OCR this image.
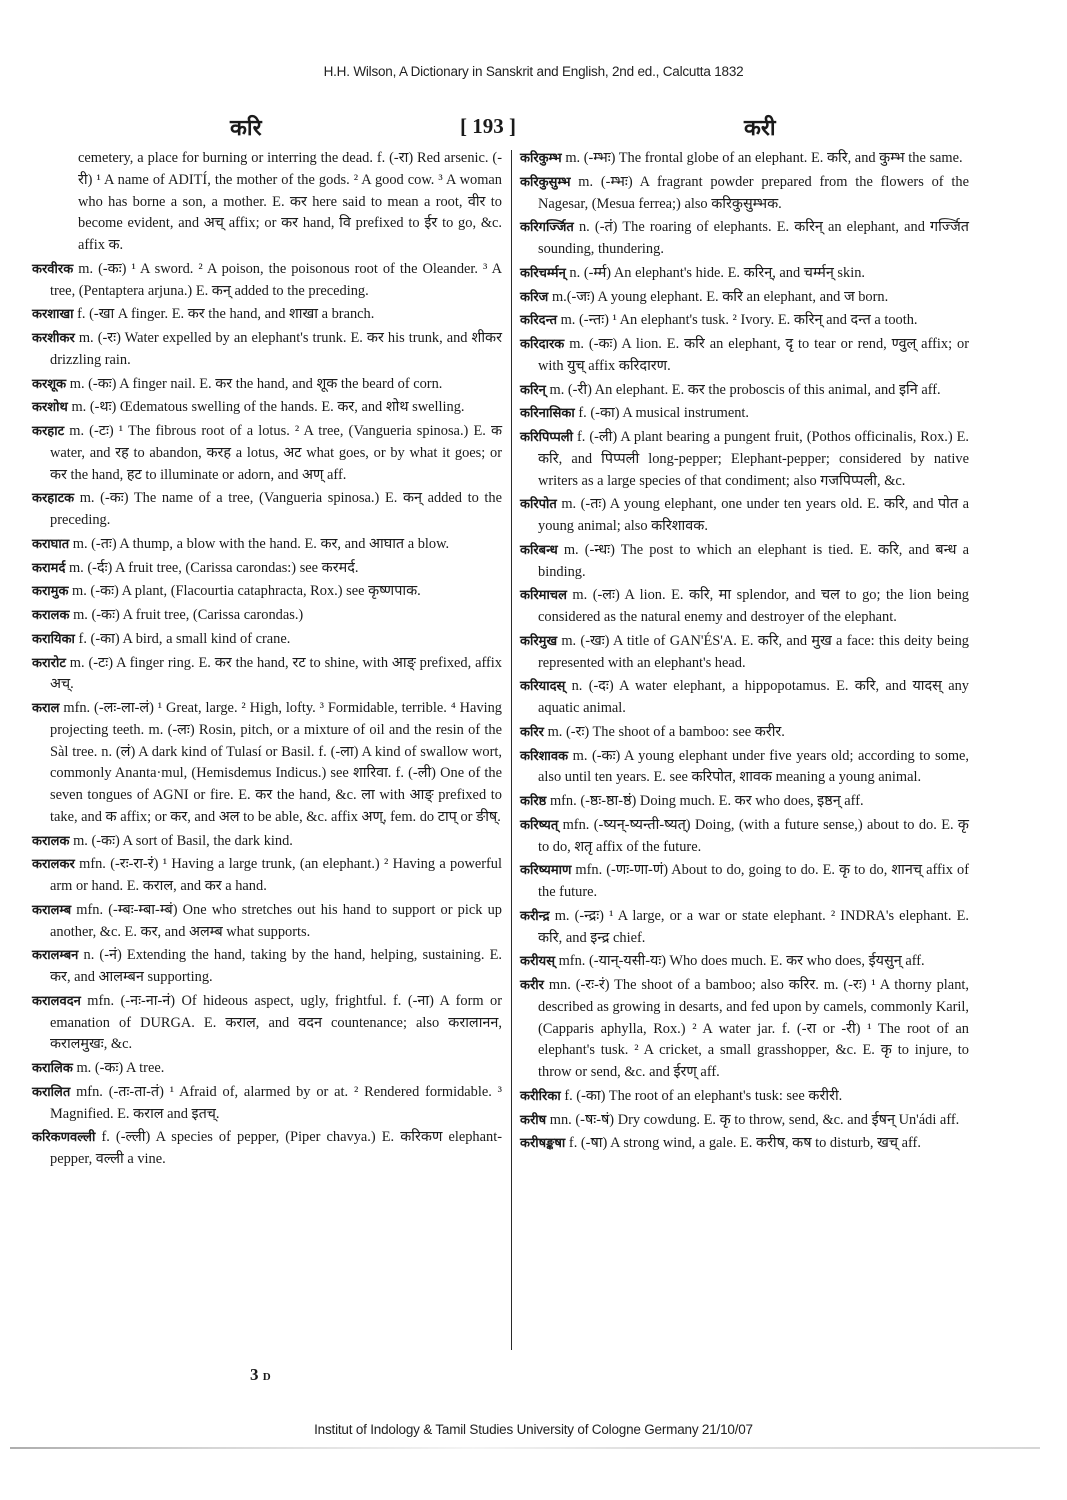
H.H. Wilson, A Dictionary in Sanskrit and English, 2nd ed., Calcutta 1832
करि	[ 193 ]	करी

cemetery, a place for burning or interring the dead. f. (-रा) Red arsenic. (-री) ¹ A name of ADITÍ, the mother of the gods. ² A good cow. ³ A woman who has borne a son, a mother. E. कर here said to mean a root, वीर to become evident, and अच् affix; or कर hand, वि prefixed to ईर to go, &c. affix क.

करवीरक m. (-कः) ¹ A sword. ² A poison, the poisonous root of the Oleander. ³ A tree, (Pentaptera arjuna.) E. कन् added to the preceding.

करशाखा f. (-खा A finger. E. कर the hand, and शाखा a branch.

करशीकर m. (-रः) Water expelled by an elephant's trunk. E. कर his trunk, and शीकर drizzling rain.

करशूक m. (-कः) A finger nail. E. कर the hand, and शूक the beard of corn.

करशोथ m. (-थः) Œdematous swelling of the hands. E. कर, and शोथ swelling.

करहाट m. (-टः) ¹ The fibrous root of a lotus. ² A tree, (Vangueria spinosa.) E. क water, and रह to abandon, करह a lotus, अट what goes, or by what it goes; or कर the hand, हट to illuminate or adorn, and अण् aff.

करहाटक m. (-कः) The name of a tree, (Vangueria spinosa.) E. कन् added to the preceding.

कराघात m. (-तः) A thump, a blow with the hand. E. कर, and आघात a blow.

करामर्द m. (-र्दः) A fruit tree, (Carissa carondas:) see करमर्द.

करामुक m. (-कः) A plant, (Flacourtia cataphracta, Rox.) see कृष्णपाक.

करालक m. (-कः) A fruit tree, (Carissa carondas.)

करायिका f. (-का) A bird, a small kind of crane.

करारोट m. (-टः) A finger ring. E. कर the hand, रट to shine, with आङ् prefixed, affix अच्.

कराल mfn. (-लः-ला-लं) ¹ Great, large. ² High, lofty. ³ Formidable, terrible. ⁴ Having projecting teeth. m. (-लः) Rosin, pitch, or a mixture of oil and the resin of the Sàl tree. n. (लं) A dark kind of Tulasí or Basil. f. (-ला) A kind of swallow wort, commonly Ananta·mul, (Hemisdemus Indicus.) see शारिवा. f. (-ली) One of the seven tongues of AGNI or fire. E. कर the hand, &c. ला with आङ् prefixed to take, and क affix; or कर, and अल to be able, &c. affix अण्, fem. do टाप् or ङीष्.

करालक m. (-कः) A sort of Basil, the dark kind.

करालकर mfn. (-रः-रा-रं) ¹ Having a large trunk, (an elephant.) ² Having a powerful arm or hand. E. कराल, and कर a hand.

करालम्ब mfn. (-म्बः-म्बा-म्बं) One who stretches out his hand to support or pick up another, &c. E. कर, and अलम्ब what supports.

करालम्बन n. (-नं) Extending the hand, taking by the hand, helping, sustaining. E. कर, and आलम्बन supporting.

करालवदन mfn. (-नः-ना-नं) Of hideous aspect, ugly, frightful. f. (-ना) A form or emanation of DURGA. E. कराल, and वदन countenance; also करालानन, करालमुखः, &c.

करालिक m. (-कः) A tree.

करालित mfn. (-तः-ता-तं) ¹ Afraid of, alarmed by or at. ² Rendered formidable. ³ Magnified. E. कराल and इतच्.

करिकणवल्ली f. (-ल्ली) A species of pepper, (Piper chavya.) E. करिकण elephant-pepper, वल्ली a vine.

करिकुम्भ m. (-म्भः) The frontal globe of an elephant. E. करि, and कुम्भ the same.

करिकुसुम्भ m. (-म्भः) A fragrant powder prepared from the flowers of the Nagesar, (Mesua ferrea;) also करिकुसुम्भक.

करिगर्ज्जित n. (-तं) The roaring of elephants. E. करिन् an elephant, and गर्ज्जित sounding, thundering.

करिचर्म्मन् n. (-र्म्म) An elephant's hide. E. करिन्, and चर्म्मन् skin.

करिज m.(-जः) A young elephant. E. करि an elephant, and ज born.

करिदन्त m. (-न्तः) ¹ An elephant's tusk. ² Ivory. E. करिन् and दन्त a tooth.

करिदारक m. (-कः) A lion. E. करि an elephant, दृ to tear or rend, ण्वुल् affix; or with युच् affix करिदारण.

करिन् m. (-री) An elephant. E. कर the proboscis of this animal, and इनि aff.

करिनासिका f. (-का) A musical instrument.

करिपिप्पली f. (-ली) A plant bearing a pungent fruit, (Pothos officinalis, Rox.) E. करि, and पिप्पली long-pepper; Elephant-pepper; considered by native writers as a large species of that condiment; also गजपिप्पली, &c.

करिपोत m. (-तः) A young elephant, one under ten years old. E. करि, and पोत a young animal; also करिशावक.

करिबन्ध m. (-न्धः) The post to which an elephant is tied. E. करि, and बन्ध a binding.

करिमाचल m. (-लः) A lion. E. करि, मा splendor, and चल to go; the lion being considered as the natural enemy and destroyer of the elephant.

करिमुख m. (-खः) A title of GAN'ÉS'A. E. करि, and मुख a face: this deity being represented with an elephant's head.

करियादस् n. (-दः) A water elephant, a hippopotamus. E. करि, and यादस् any aquatic animal.

करिर m. (-रः) The shoot of a bamboo: see करीर.

करिशावक m. (-कः) A young elephant under five years old; according to some, also until ten years. E. see करिपोत, शावक meaning a young animal.

करिष्ठ mfn. (-ष्ठः-ष्ठा-ष्ठं) Doing much. E. कर who does, इष्ठन् aff.

करिष्यत् mfn. (-ष्यन्-ष्यन्ती-ष्यत्) Doing, (with a future sense,) about to do. E. कृ to do, शतृ affix of the future.

करिष्यमाण mfn. (-णः-णा-णं) About to do, going to do. E. कृ to do, शानच् affix of the future.

करीन्द्र m. (-न्द्रः) ¹ A large, or a war or state elephant. ² INDRA's elephant. E. करि, and इन्द्र chief.

करीयस् mfn. (-यान्-यसी-यः) Who does much. E. कर who does, ईयसुन् aff.

करीर mn. (-रः-रं) The shoot of a bamboo; also करिर. m. (-रः) ¹ A thorny plant, described as growing in desarts, and fed upon by camels, commonly Karil, (Capparis aphylla, Rox.) ² A water jar. f. (-रा or -री) ¹ The root of an elephant's tusk. ² A cricket, a small grasshopper, &c. E. कृ to injure, to throw or send, &c. and ईरण् aff.

करीरिका f. (-का) The root of an elephant's tusk: see करीरी.

करीष mn. (-षः-षं) Dry cowdung. E. कृ to throw, send, &c. and ईषन् Un'ádi aff.

करीषङ्कषा f. (-षा) A strong wind, a gale. E. करीष, कष to disturb, खच् aff.

3 D
Institut of Indology & Tamil Studies University of Cologne Germany 21/10/07
